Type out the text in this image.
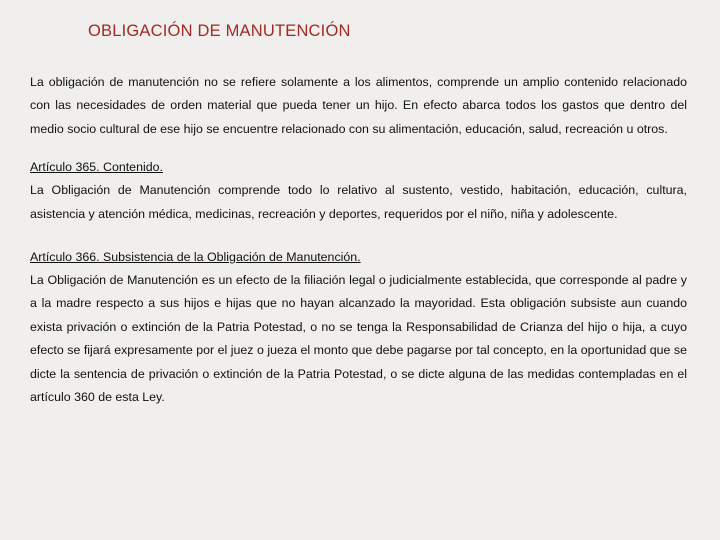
OBLIGACIÓN DE MANUTENCIÓN

La obligación de manutención no se refiere solamente a los alimentos, comprende un amplio contenido relacionado con las necesidades de orden material que pueda tener un hijo. En efecto abarca todos los gastos que dentro del medio socio cultural de ese hijo se encuentre relacionado con su alimentación, educación, salud, recreación u otros.

Artículo 365. Contenido.

La Obligación de Manutención comprende todo lo relativo al sustento, vestido, habitación, educación, cultura, asistencia y atención médica, medicinas, recreación y deportes, requeridos por el niño, niña y adolescente.

Artículo 366. Subsistencia de la Obligación de Manutención.

La Obligación de Manutención es un efecto de la filiación legal o judicialmente establecida, que corresponde al padre y a la madre respecto a sus hijos e hijas que no hayan alcanzado la mayoridad. Esta obligación subsiste aun cuando exista privación o extinción de la Patria Potestad, o no se tenga la Responsabilidad de Crianza del hijo o hija, a cuyo efecto se fijará expresamente por el juez o jueza el monto que debe pagarse por tal concepto, en la oportunidad que se dicte la sentencia de privación o extinción de la Patria Potestad, o se dicte alguna de las medidas contempladas en el artículo 360 de esta Ley.
